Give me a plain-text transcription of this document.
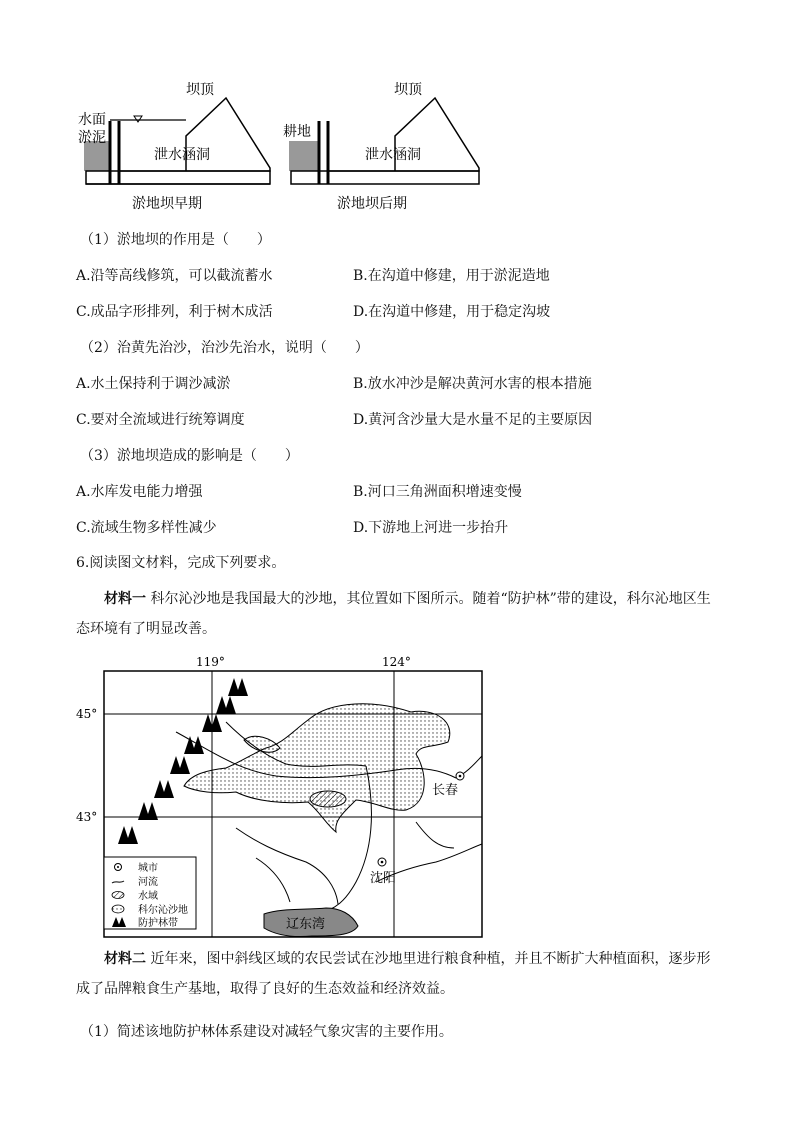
坝顶
水面
淤泥
泄水涵洞
淤地坝早期
坝顶
耕地
泄水涵洞
淤地坝后期
（1）淤地坝的作用是（　　）
A.沿等高线修筑，可以截流蓄水	B.在沟道中修建，用于淤泥造地
C.成品字形排列，利于树木成活	D.在沟道中修建，用于稳定沟坡
（2）治黄先治沙，治沙先治水，说明（　　）
A.水土保持利于调沙减淤	B.放水冲沙是解决黄河水害的根本措施
C.要对全流域进行统筹调度	D.黄河含沙量大是水量不足的主要原因
（3）淤地坝造成的影响是（　　）
A.水库发电能力增强	B.河口三角洲面积增速变慢
C.流域生物多样性减少	D.下游地上河进一步抬升
6.阅读图文材料，完成下列要求。
材料一 科尔沁沙地是我国最大的沙地，其位置如下图所示。随着“防护林”带的建设，科尔沁地区生态环境有了明显改善。
辽东湾
长春
沈阳
119°	124°
45°
43°
城市
河流
水域
科尔沁沙地
防护林带
材料二 近年来，图中斜线区域的农民尝试在沙地里进行粮食种植，并且不断扩大种植面积，逐步形成了品牌粮食生产基地，取得了良好的生态效益和经济效益。
（1）简述该地防护林体系建设对减轻气象灾害的主要作用。
